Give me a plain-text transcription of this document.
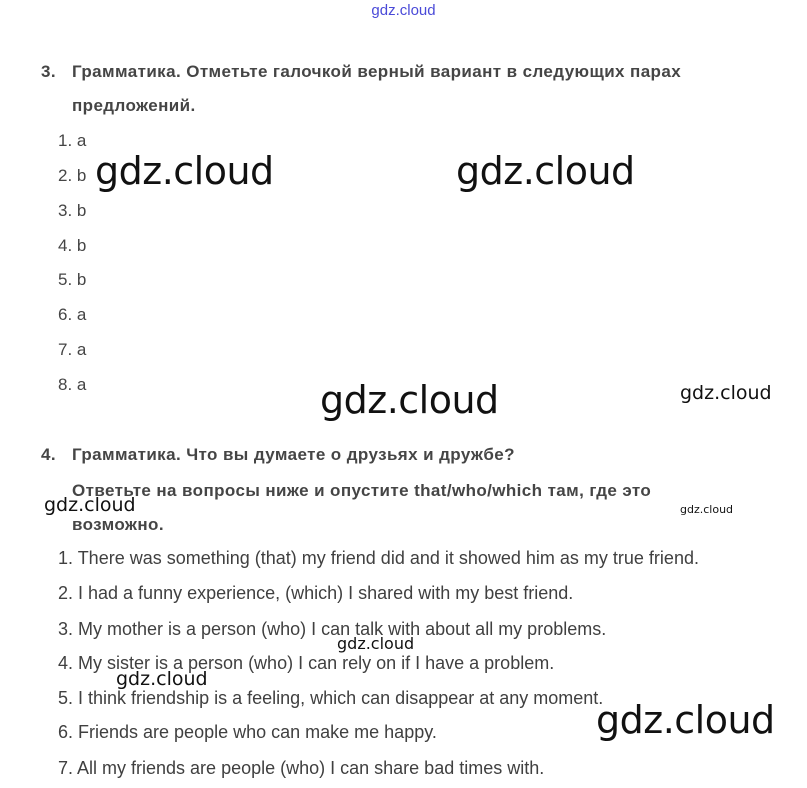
gdz.cloud
3. Грамматика. Отметьте галочкой верный вариант в следующих парах
предложений.
1. a
2. b
3. b
4. b
5. b
6. a
7. a
8. a
4. Грамматика. Что вы думаете о друзьях и дружбе?
Ответьте на вопросы ниже и опустите that/who/which там, где это
возможно.
1. There was something (that) my friend did and it showed him as my true friend.
2. I had a funny experience, (which) I shared with my best friend.
3. My mother is a person (who) I can talk with about all my problems.
4. My sister is a person (who) I can rely on if I have a problem.
5. I think friendship is a feeling, which can disappear at any moment.
6. Friends are people who can make me happy.
7. All my friends are people (who) I can share bad times with.
gdz.cloud	gdz.cloud
gdz.cloud	gdz.cloud
gdz.cloud	gdz.cloud
gdz.cloud
gdz.cloud
gdz.cloud
